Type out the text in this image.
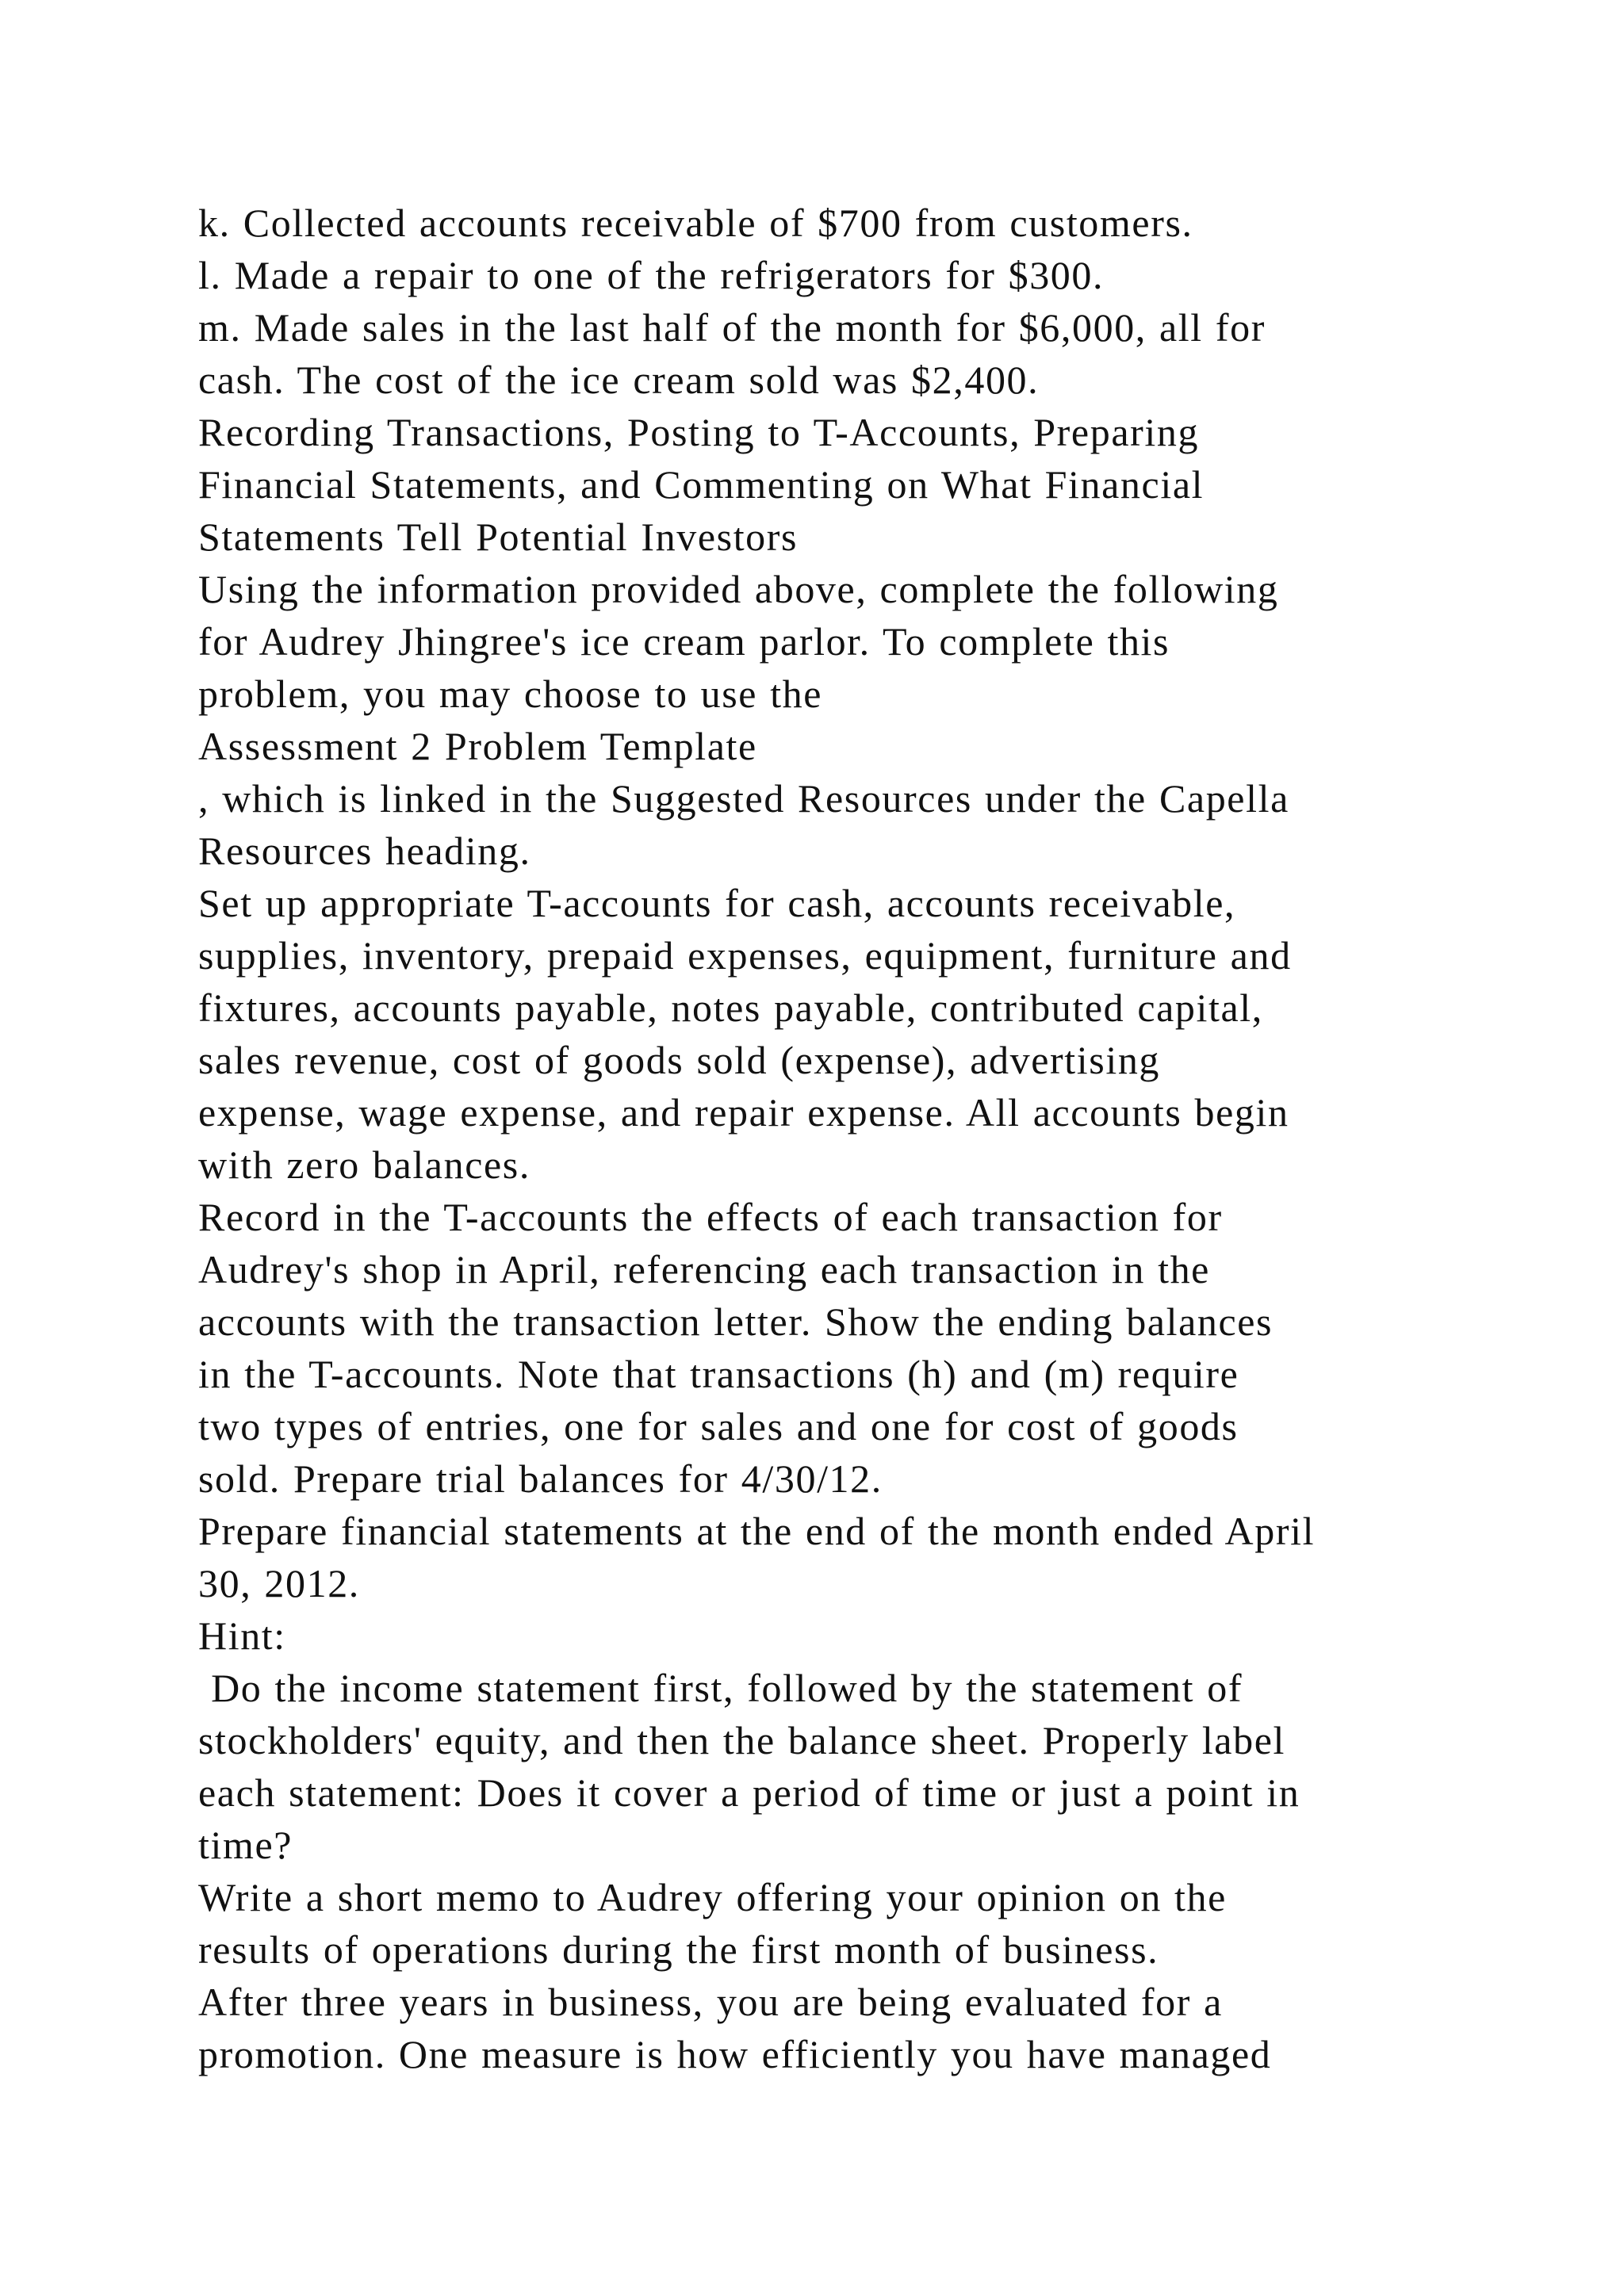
k. Collected accounts receivable of $700 from customers.
l. Made a repair to one of the refrigerators for $300.
m. Made sales in the last half of the month for $6,000, all for
cash. The cost of the ice cream sold was $2,400.
Recording Transactions, Posting to T-Accounts, Preparing
Financial Statements, and Commenting on What Financial
Statements Tell Potential Investors
Using the information provided above, complete the following
for Audrey Jhingree's ice cream parlor. To complete this
problem, you may choose to use the
Assessment 2 Problem Template
, which is linked in the Suggested Resources under the Capella
Resources heading.
Set up appropriate T-accounts for cash, accounts receivable,
supplies, inventory, prepaid expenses, equipment, furniture and
fixtures, accounts payable, notes payable, contributed capital,
sales revenue, cost of goods sold (expense), advertising
expense, wage expense, and repair expense. All accounts begin
with zero balances.
Record in the T-accounts the effects of each transaction for
Audrey's shop in April, referencing each transaction in the
accounts with the transaction letter. Show the ending balances
in the T-accounts. Note that transactions (h) and (m) require
two types of entries, one for sales and one for cost of goods
sold. Prepare trial balances for 4/30/12.
Prepare financial statements at the end of the month ended April
30, 2012.
Hint:
Do the income statement first, followed by the statement of
stockholders' equity, and then the balance sheet. Properly label
each statement: Does it cover a period of time or just a point in
time?
Write a short memo to Audrey offering your opinion on the
results of operations during the first month of business.
After three years in business, you are being evaluated for a
promotion. One measure is how efficiently you have managed
